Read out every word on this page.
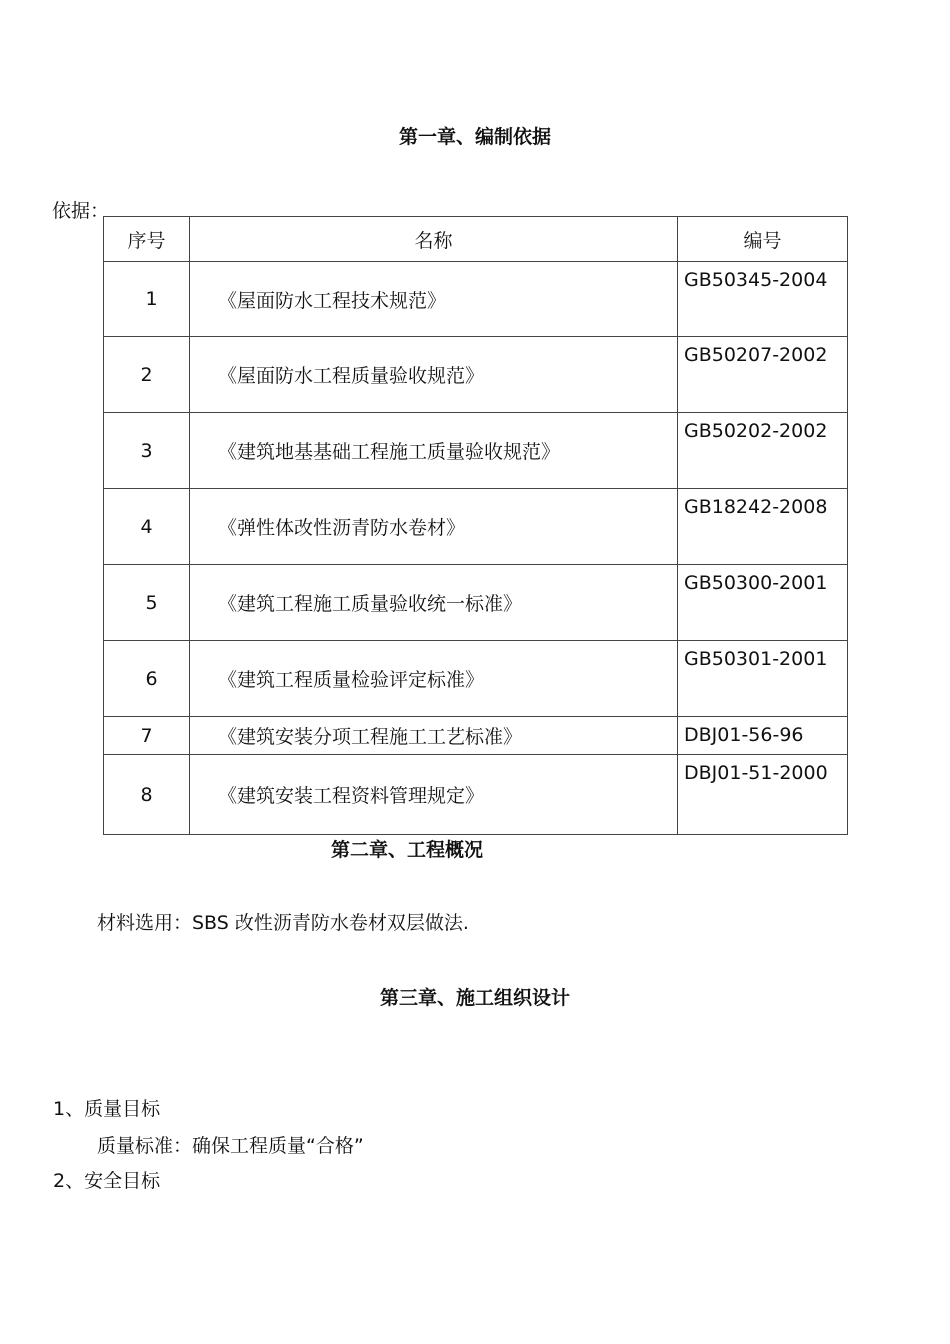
第一章、编制依据
依据：
序号	名称	编号
1	《屋面防水工程技术规范》	GB50345-2004
2	《屋面防水工程质量验收规范》	GB50207-2002
3	《建筑地基基础工程施工质量验收规范》	GB50202-2002
4	《弹性体改性沥青防水卷材》	GB18242-2008
5	《建筑工程施工质量验收统一标准》	GB50300-2001
6	《建筑工程质量检验评定标准》	GB50301-2001
7	《建筑安装分项工程施工工艺标准》	DBJ01-56-96
8	《建筑安装工程资料管理规定》	DBJ01-51-2000
第二章、工程概况
材料选用：SBS 改性沥青防水卷材双层做法.
第三章、施工组织设计
1、质量目标
质量标准：确保工程质量“合格”
2、安全目标
